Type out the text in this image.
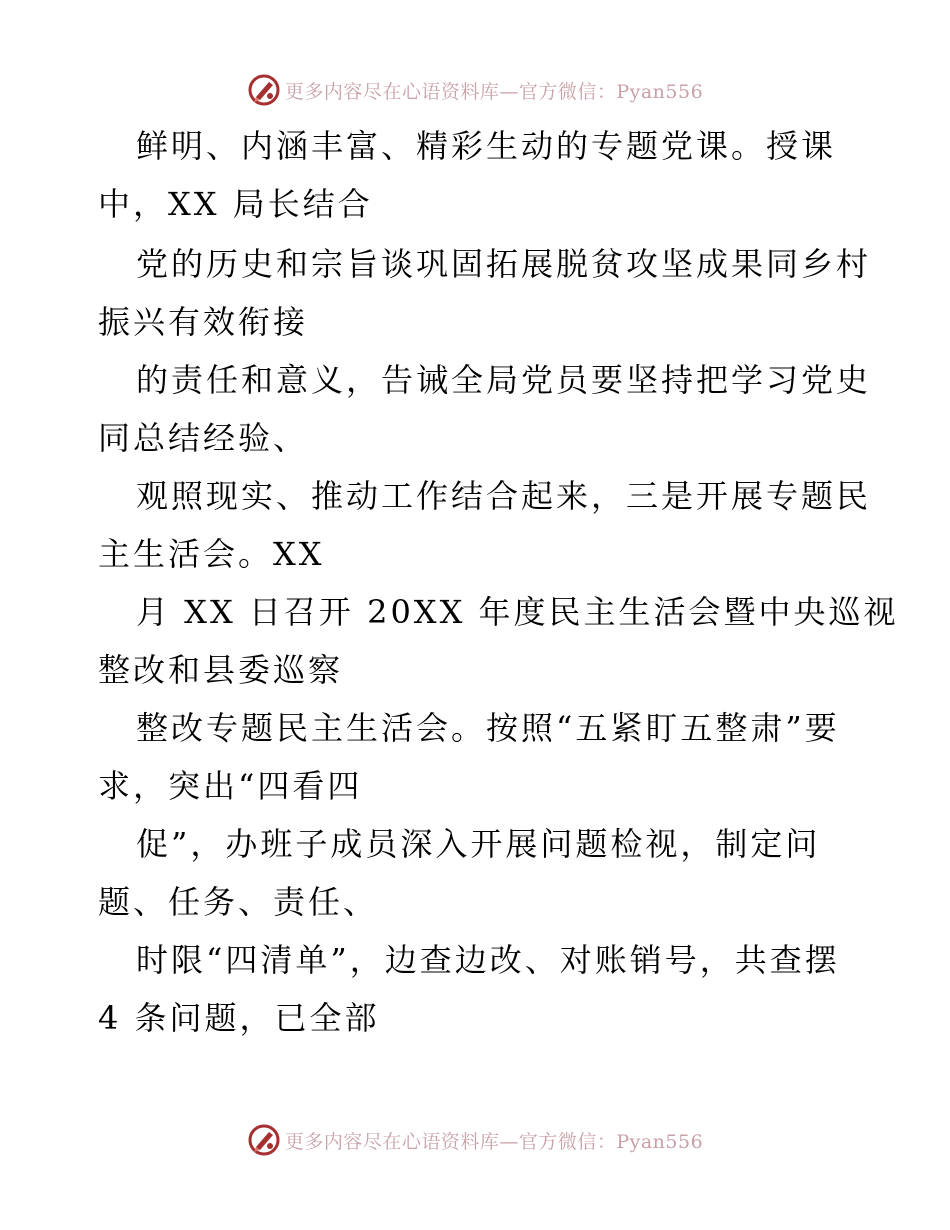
更多内容尽在心语资料库—官方微信：Pyan556
鲜明、内涵丰富、精彩生动的专题党课。授课
中，XX 局长结合
党的历史和宗旨谈巩固拓展脱贫攻坚成果同乡村
振兴有效衔接
的责任和意义，告诫全局党员要坚持把学习党史
同总结经验、
观照现实、推动工作结合起来，三是开展专题民
主生活会。XX
月 XX 日召开 20XX 年度民主生活会暨中央巡视
整改和县委巡察
整改专题民主生活会。按照“五紧盯五整肃”要
求，突出“四看四
促”，办班子成员深入开展问题检视，制定问
题、任务、责任、
时限“四清单”，边查边改、对账销号，共查摆
4 条问题，已全部
更多内容尽在心语资料库—官方微信：Pyan556
